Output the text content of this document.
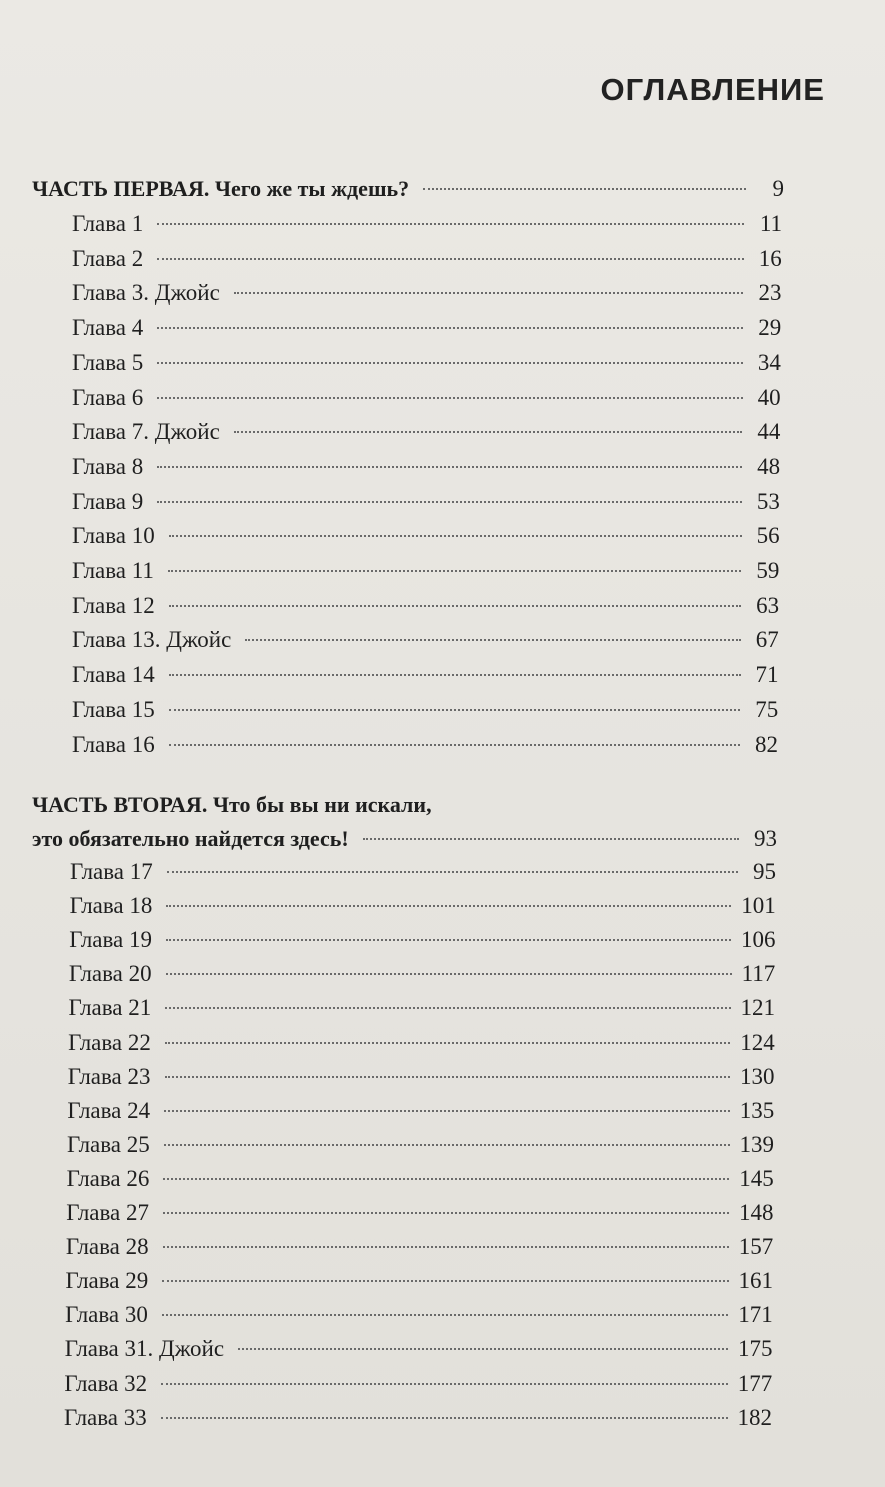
ОГЛАВЛЕНИЕ
ЧАСТЬ ПЕРВАЯ. Чего же ты ждешь?	9
Глава 1	11
Глава 2	16
Глава 3. Джойс	23
Глава 4	29
Глава 5	34
Глава 6	40
Глава 7. Джойс	44
Глава 8	48
Глава 9	53
Глава 10	56
Глава 11	59
Глава 12	63
Глава 13. Джойс	67
Глава 14	71
Глава 15	75
Глава 16	82
ЧАСТЬ ВТОРАЯ. Что бы вы ни искали,
это обязательно найдется здесь!	93
Глава 17	95
Глава 18	101
Глава 19	106
Глава 20	117
Глава 21	121
Глава 22	124
Глава 23	130
Глава 24	135
Глава 25	139
Глава 26	145
Глава 27	148
Глава 28	157
Глава 29	161
Глава 30	171
Глава 31. Джойс	175
Глава 32	177
Глава 33	182
